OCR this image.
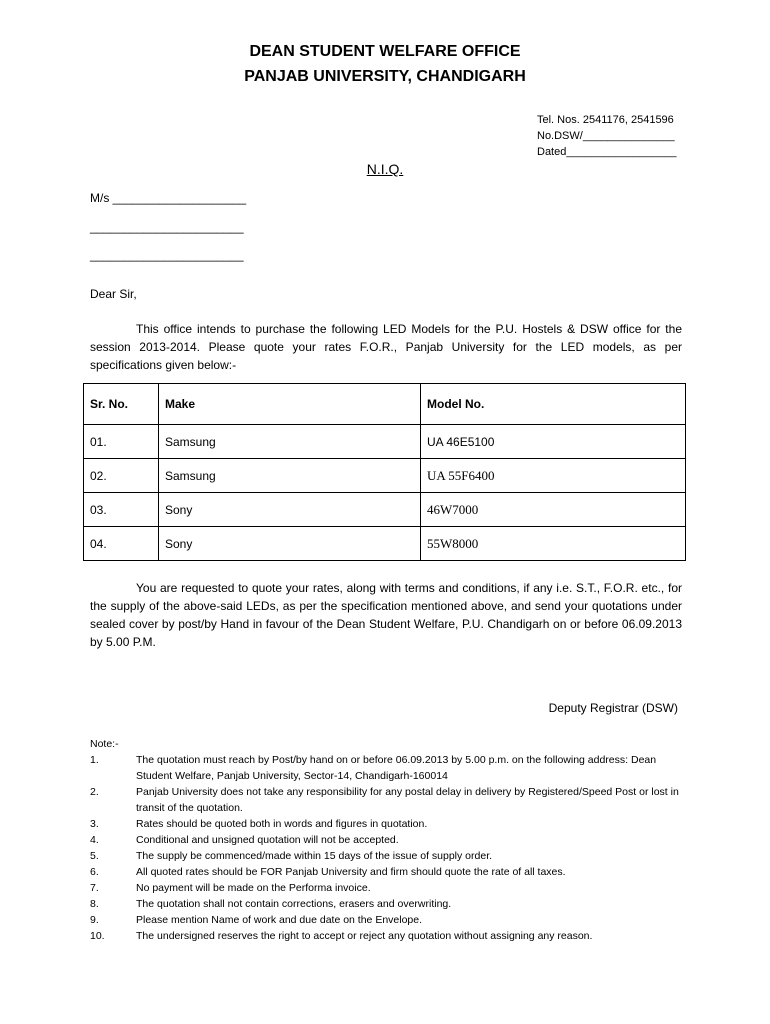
DEAN STUDENT WELFARE OFFICE
PANJAB UNIVERSITY, CHANDIGARH
Tel. Nos. 2541176, 2541596
No.DSW/_______________
Dated__________________
N.I.Q.
M/s ____________________
_______________________
_______________________
Dear Sir,
This office intends to purchase the following LED Models for the P.U. Hostels & DSW office for the session 2013-2014. Please quote your rates F.O.R., Panjab University for the LED models, as per specifications given below:-
Sr. No.	Make	Model No.
01.	Samsung	UA 46E5100
02.	Samsung	UA 55F6400
03.	Sony	46W7000
04.	Sony	55W8000
You are requested to quote your rates, along with terms and conditions, if any i.e. S.T., F.O.R. etc., for the supply of the above-said LEDs, as per the specification mentioned above, and send your quotations under sealed cover by post/by Hand in favour of the Dean Student Welfare, P.U. Chandigarh on or before 06.09.2013 by 5.00 P.M.
Deputy Registrar (DSW)
Note:-
1.	The quotation must reach by Post/by hand on or before 06.09.2013 by 5.00 p.m. on the following address: Dean Student Welfare, Panjab University, Sector-14, Chandigarh-160014
2.	Panjab University does not take any responsibility for any postal delay in delivery by Registered/Speed Post or lost in transit of the quotation.
3.	Rates should be quoted both in words and figures in quotation.
4.	Conditional and unsigned quotation will not be accepted.
5.	The supply be commenced/made within 15 days of the issue of supply order.
6.	All quoted rates should be FOR Panjab University and firm should quote the rate of all taxes.
7.	No payment will be made on the Performa invoice.
8.	The quotation shall not contain corrections, erasers and overwriting.
9.	Please mention Name of work and due date on the Envelope.
10.	The undersigned reserves the right to accept or reject any quotation without assigning any reason.
